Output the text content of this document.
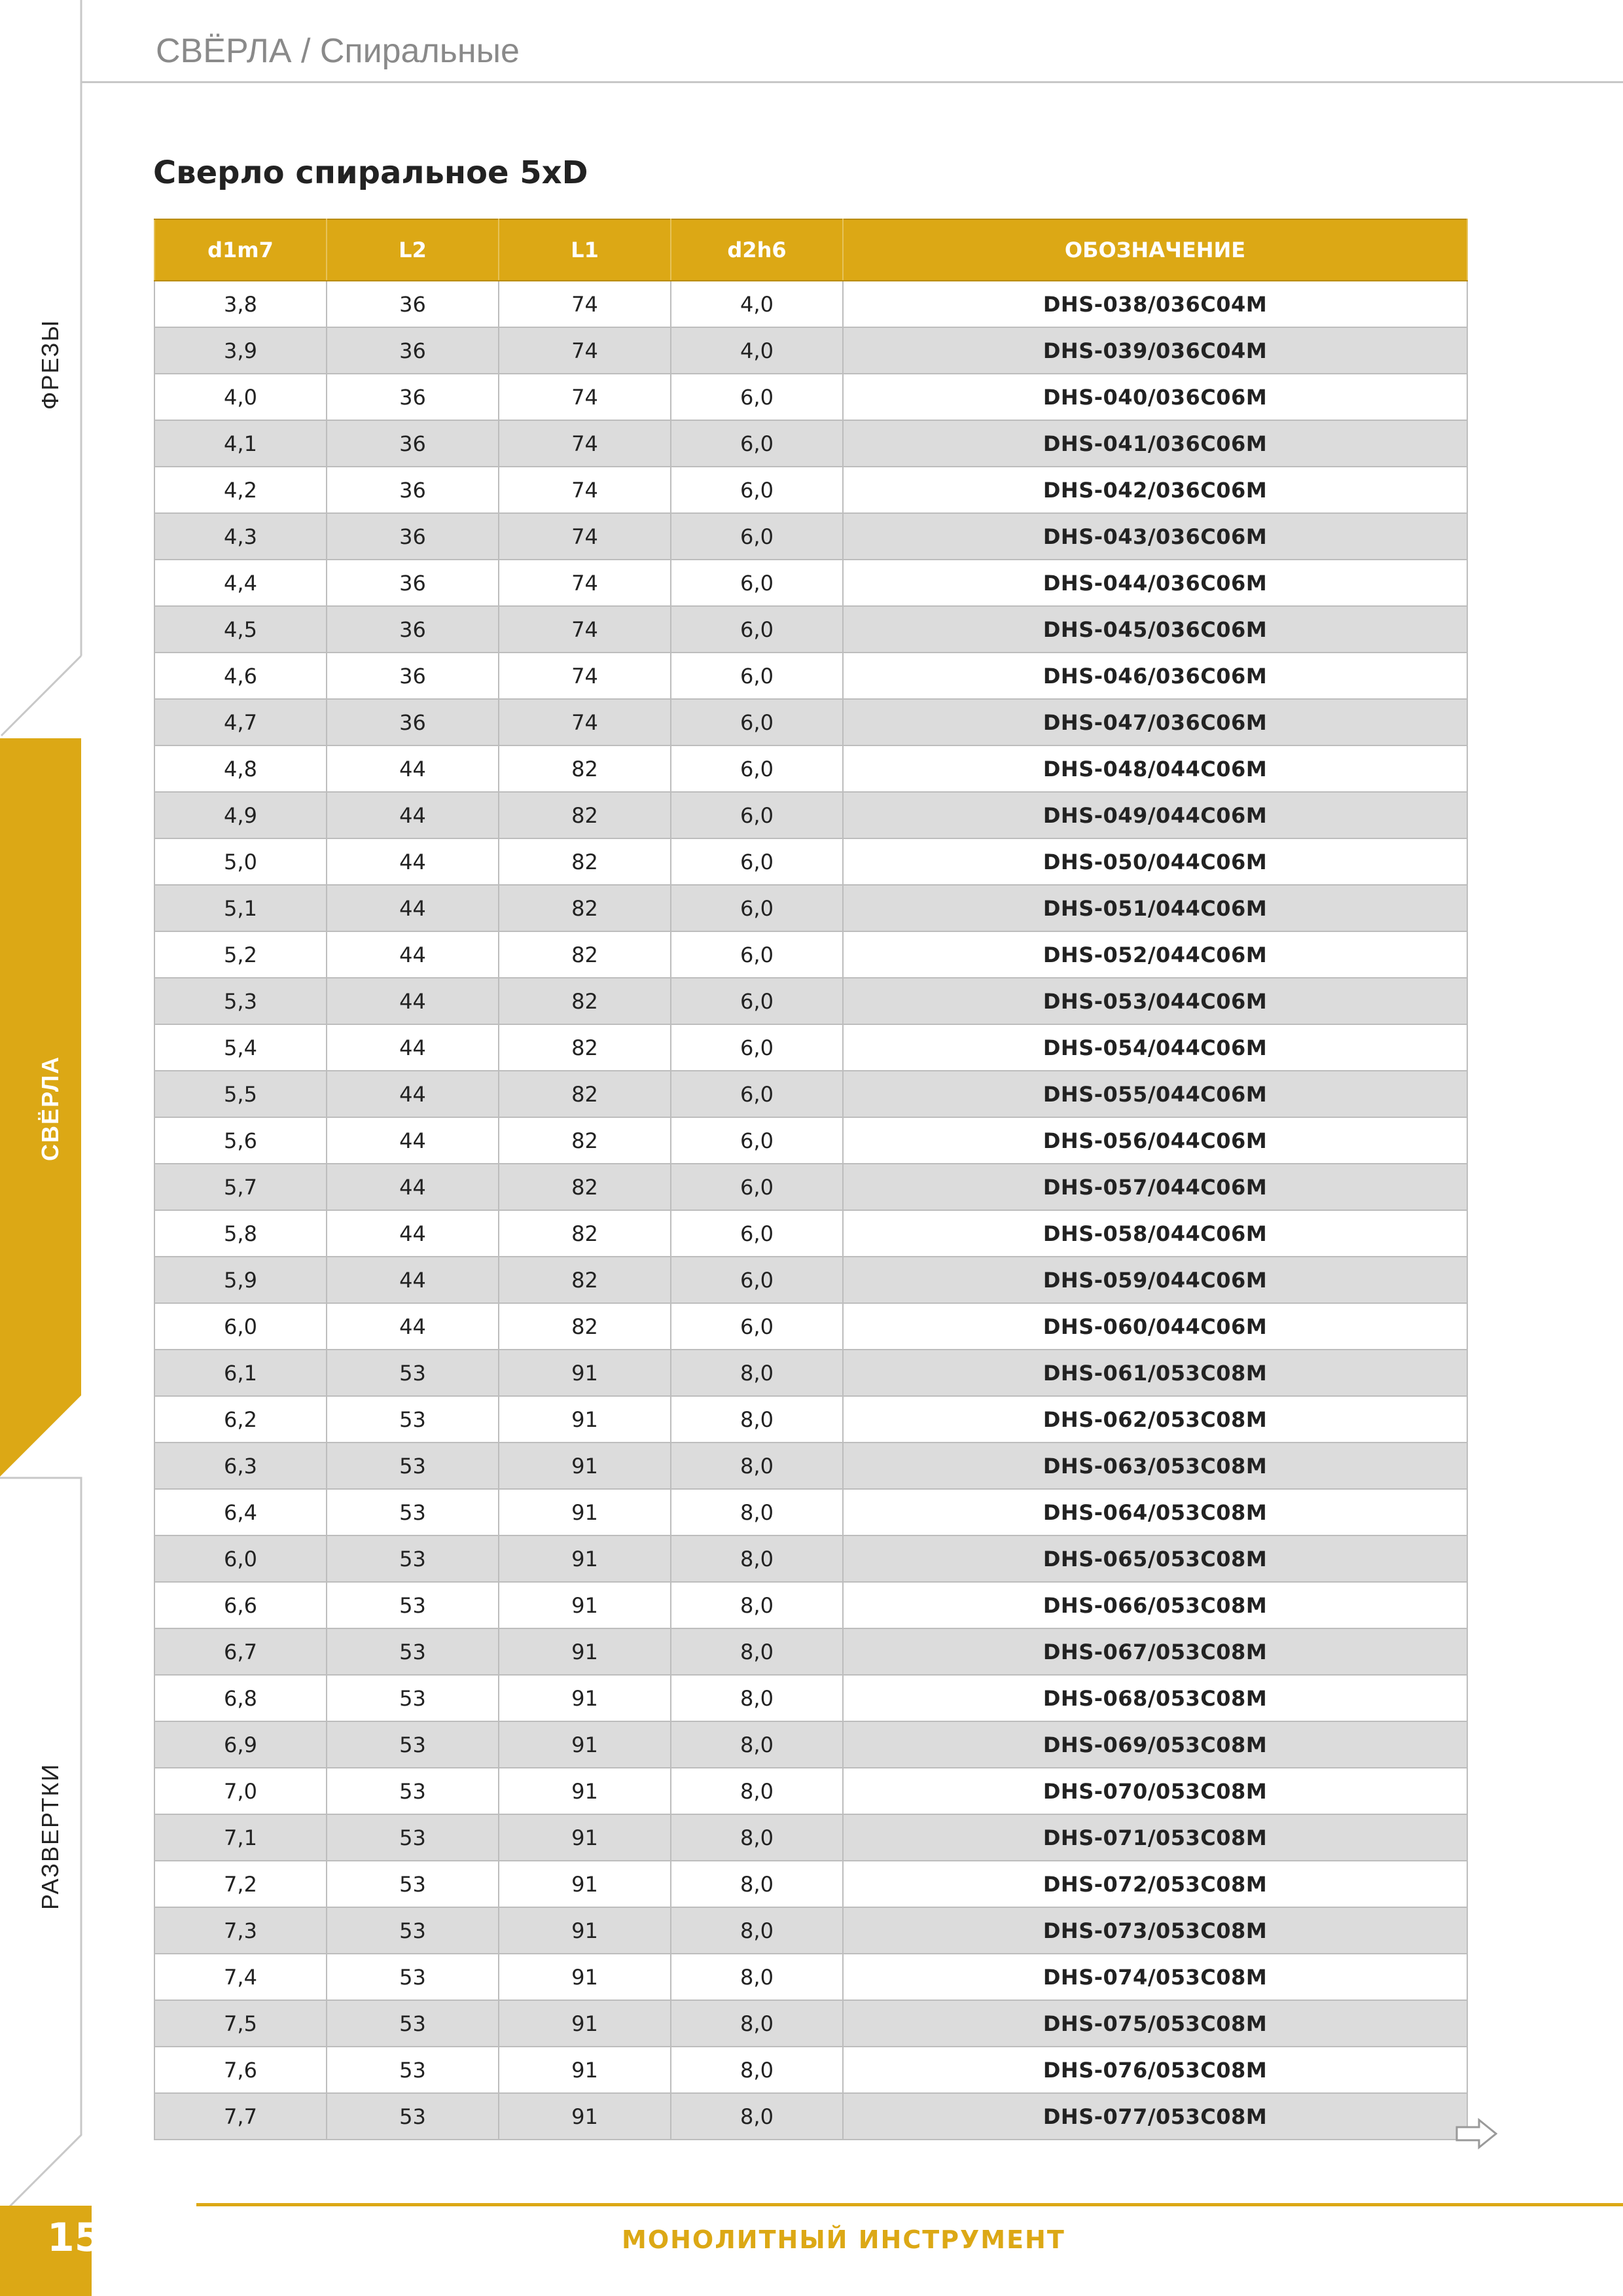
СВЁРЛА / Спиральные
ФРЕЗЫ
СВЁРЛА
РАЗВЕРТКИ
Сверло спиральное 5xD
d1m7	L2	L1	d2h6	ОБОЗНАЧЕНИЕ
3,8	36	74	4,0	DHS-038/036C04M
3,9	36	74	4,0	DHS-039/036C04M
4,0	36	74	6,0	DHS-040/036C06M
4,1	36	74	6,0	DHS-041/036C06M
4,2	36	74	6,0	DHS-042/036C06M
4,3	36	74	6,0	DHS-043/036C06M
4,4	36	74	6,0	DHS-044/036C06M
4,5	36	74	6,0	DHS-045/036C06M
4,6	36	74	6,0	DHS-046/036C06M
4,7	36	74	6,0	DHS-047/036C06M
4,8	44	82	6,0	DHS-048/044C06M
4,9	44	82	6,0	DHS-049/044C06M
5,0	44	82	6,0	DHS-050/044C06M
5,1	44	82	6,0	DHS-051/044C06M
5,2	44	82	6,0	DHS-052/044C06M
5,3	44	82	6,0	DHS-053/044C06M
5,4	44	82	6,0	DHS-054/044C06M
5,5	44	82	6,0	DHS-055/044C06M
5,6	44	82	6,0	DHS-056/044C06M
5,7	44	82	6,0	DHS-057/044C06M
5,8	44	82	6,0	DHS-058/044C06M
5,9	44	82	6,0	DHS-059/044C06M
6,0	44	82	6,0	DHS-060/044C06M
6,1	53	91	8,0	DHS-061/053C08M
6,2	53	91	8,0	DHS-062/053C08M
6,3	53	91	8,0	DHS-063/053C08M
6,4	53	91	8,0	DHS-064/053C08M
6,0	53	91	8,0	DHS-065/053C08M
6,6	53	91	8,0	DHS-066/053C08M
6,7	53	91	8,0	DHS-067/053C08M
6,8	53	91	8,0	DHS-068/053C08M
6,9	53	91	8,0	DHS-069/053C08M
7,0	53	91	8,0	DHS-070/053C08M
7,1	53	91	8,0	DHS-071/053C08M
7,2	53	91	8,0	DHS-072/053C08M
7,3	53	91	8,0	DHS-073/053C08M
7,4	53	91	8,0	DHS-074/053C08M
7,5	53	91	8,0	DHS-075/053C08M
7,6	53	91	8,0	DHS-076/053C08M
7,7	53	91	8,0	DHS-077/053C08M
154	МОНОЛИТНЫЙ ИНСТРУМЕНТ
